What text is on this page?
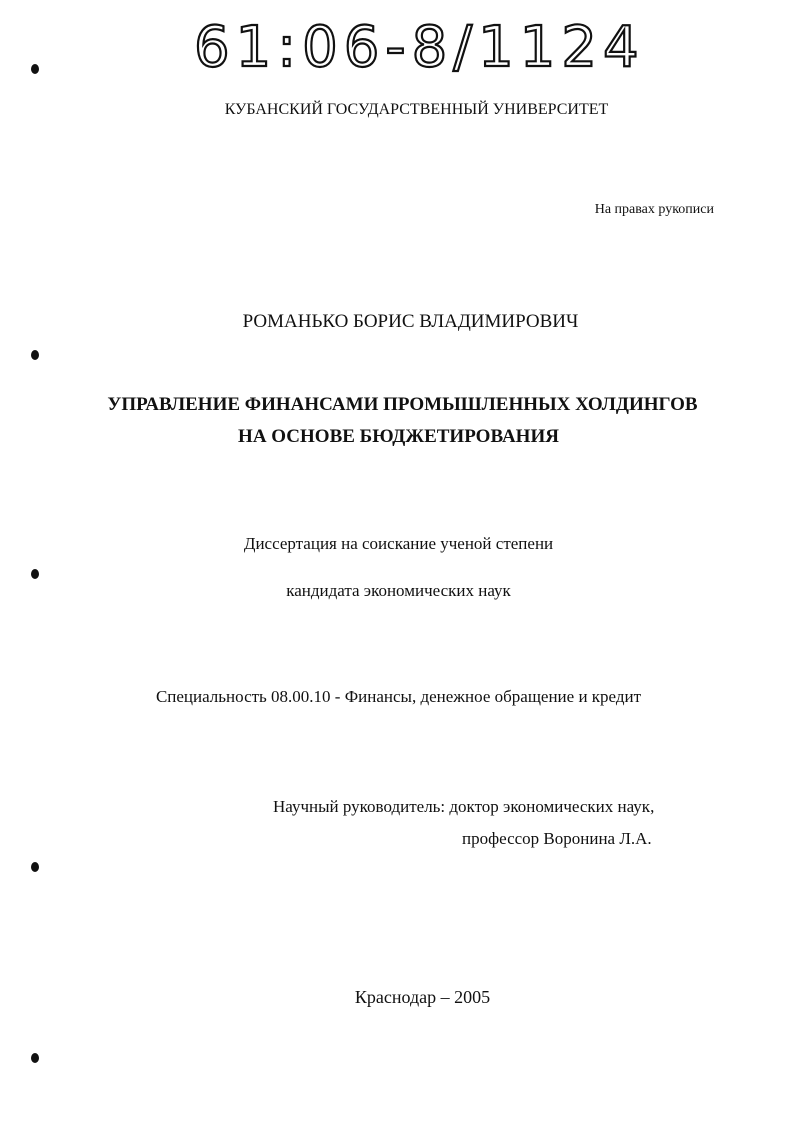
61:06-8/1124
КУБАНСКИЙ ГОСУДАРСТВЕННЫЙ УНИВЕРСИТЕТ
На правах рукописи
РОМАНЬКО БОРИС ВЛАДИМИРОВИЧ
УПРАВЛЕНИЕ ФИНАНСАМИ ПРОМЫШЛЕННЫХ ХОЛДИНГОВ
НА ОСНОВЕ БЮДЖЕТИРОВАНИЯ
Диссертация на соискание ученой степени
кандидата экономических наук
Специальность 08.00.10 - Финансы, денежное обращение и кредит
Научный руководитель: доктор экономических наук,
профессор Воронина Л.А.
Краснодар – 2005
